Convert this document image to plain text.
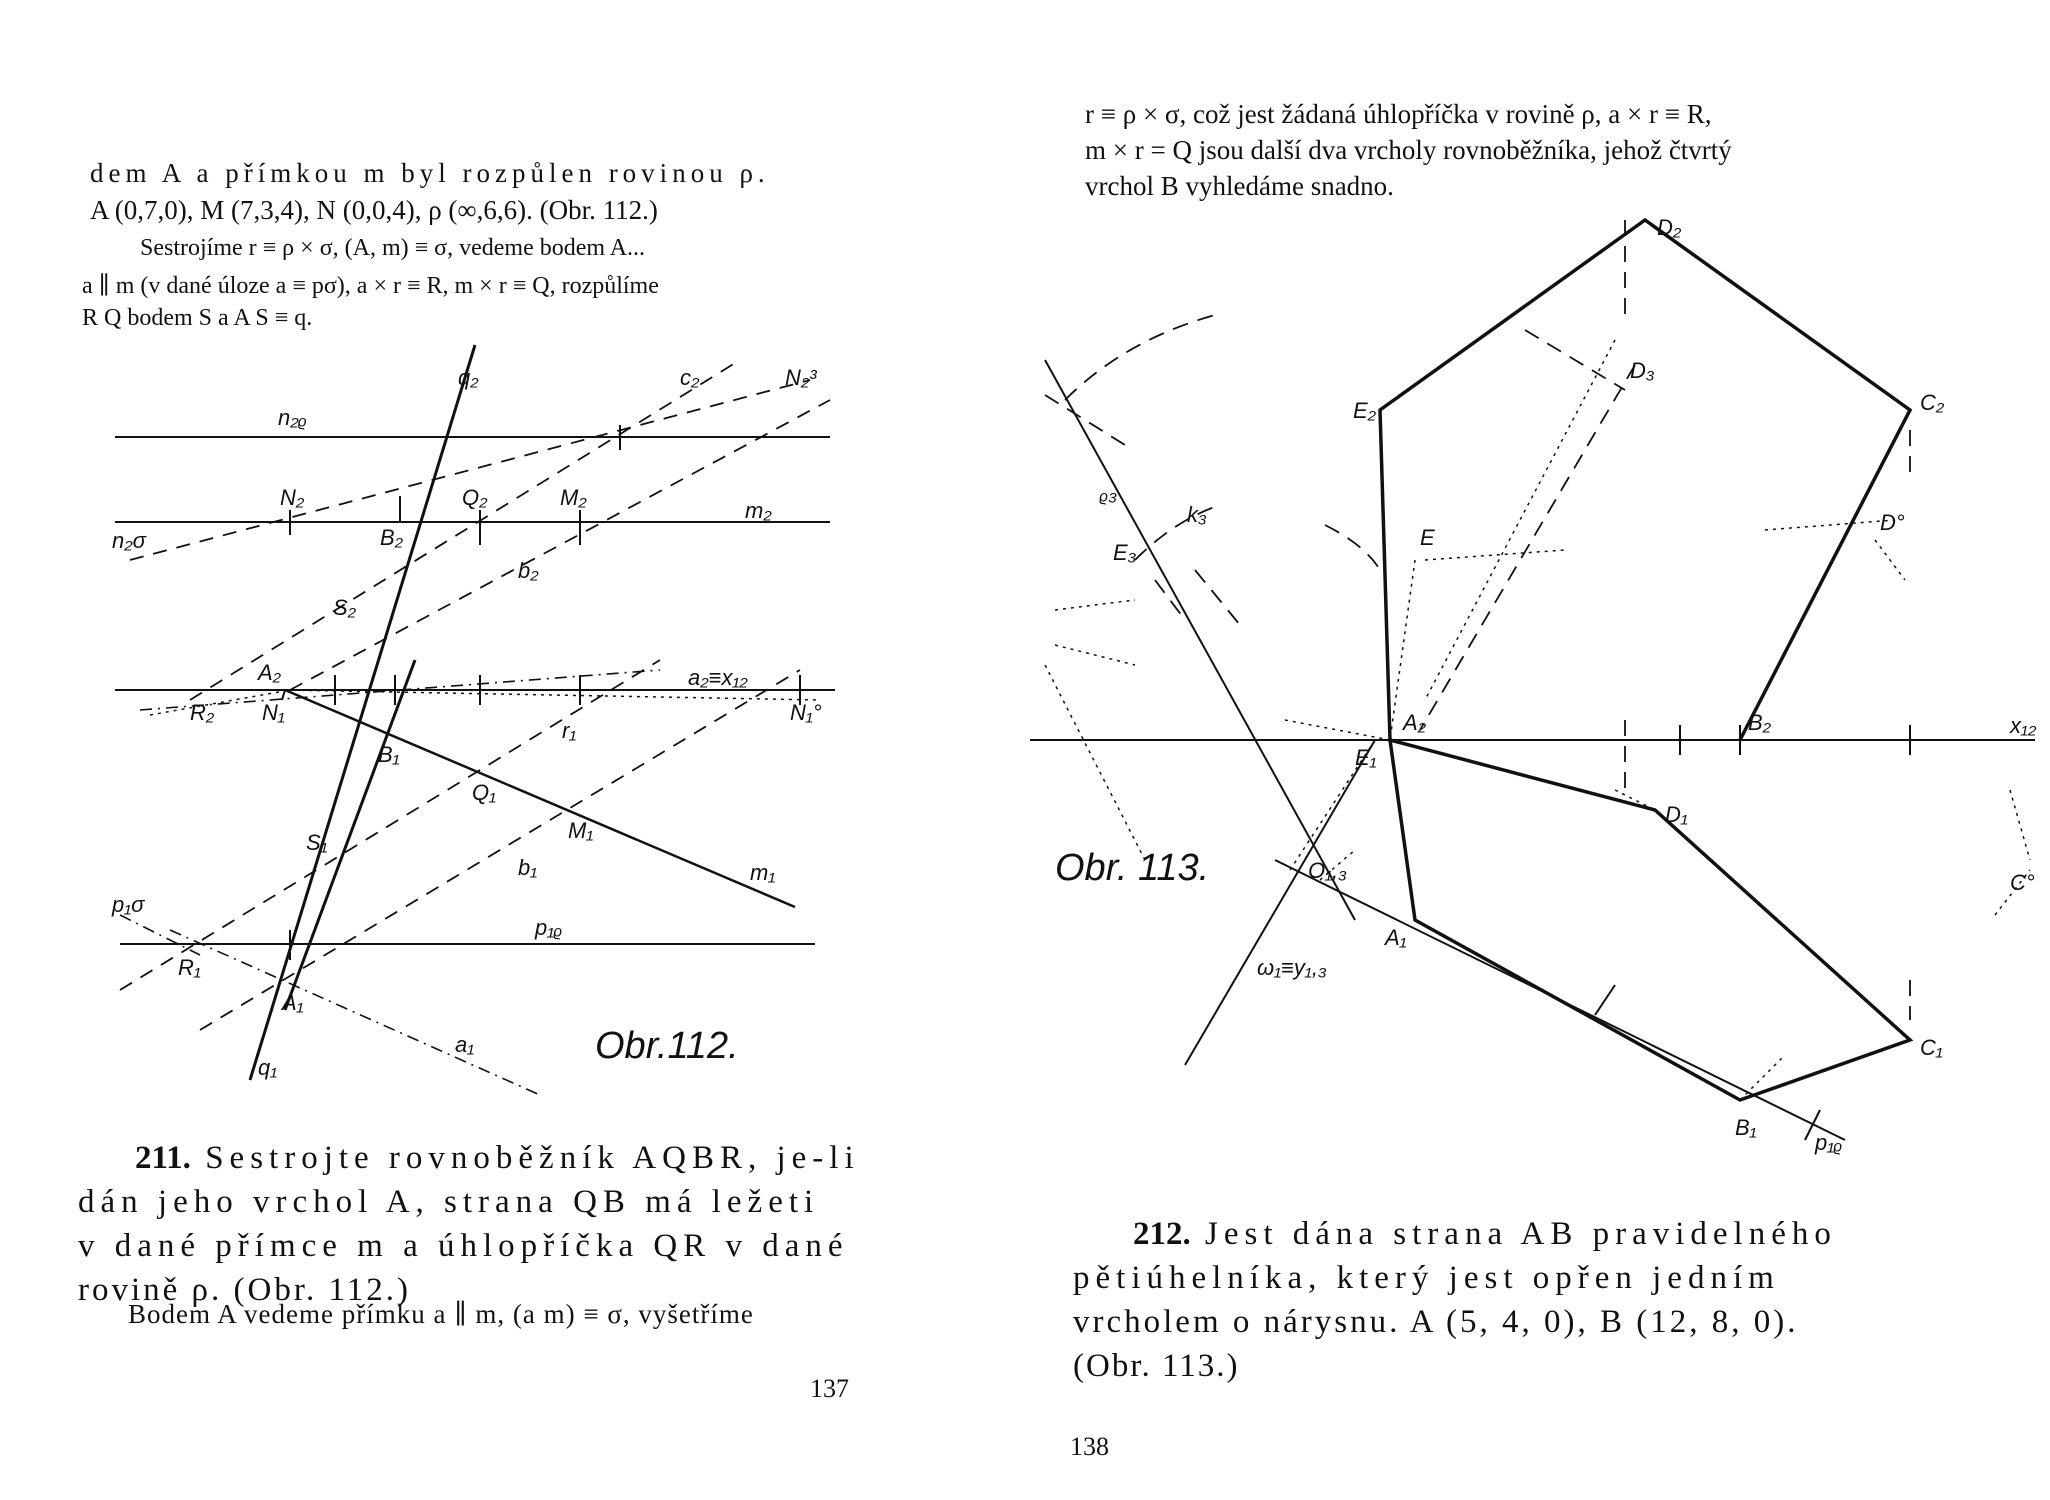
dem A a přímkou m byl rozpůlen rovinou ρ.
A (0,7,0), M (7,3,4), N (0,0,4), ρ (∞,6,6). (Obr. 112.)
Sestrojíme r ≡ ρ × σ, (A, m) ≡ σ, vedeme bodem A...
a ∥ m (v dané úloze a ≡ pσ), a × r ≡ R, m × r ≡ Q, rozpůlíme
R Q bodem S a A S ≡ q.
q₂
n₂ᵨ
c₂	N₂³
N₂	Q₂	M₂
m₂
n₂σ	B₂
b₂
S₂
A₂	a₂≡x₁₂
R₂ N₁	N₁°
B₁
r₁
Q₁
M₁
S₁
b₁	m₁
p₁σ
p₁ᵨ
R₁
A₁
a₁
q₁
Obr.112.
211. Sestrojte rovnoběžník AQBR, je-li
dán jeho vrchol A, strana QB má ležeti
v dané přímce m a úhlopříčka QR v dané
rovině ρ. (Obr. 112.)
Bodem A vedeme přímku a ∥ m, (a m) ≡ σ, vyšetříme
137
r ≡ ρ × σ, což jest žádaná úhlopříčka v rovině ρ, a × r ≡ R,
m × r = Q jsou další dva vrcholy rovnoběžníka, jehož čtvrtý
vrchol B vyhledáme snadno.
D₂
D₃
E₂	C₂
ᵨ₃
k₃
E
D°
E₃
A₂	B₂	x₁₂
E₁
D₁
O₁,₃	C°
ω₁≡y₁,₃
A₁
C₁
B₁
p₁ᵨ
Obr. 113.
212. Jest dána strana AB pravidelného
pětiúhelníka, který jest opřen jedním
vrcholem o nárysnu. A (5, 4, 0), B (12, 8, 0).
(Obr. 113.)
138
